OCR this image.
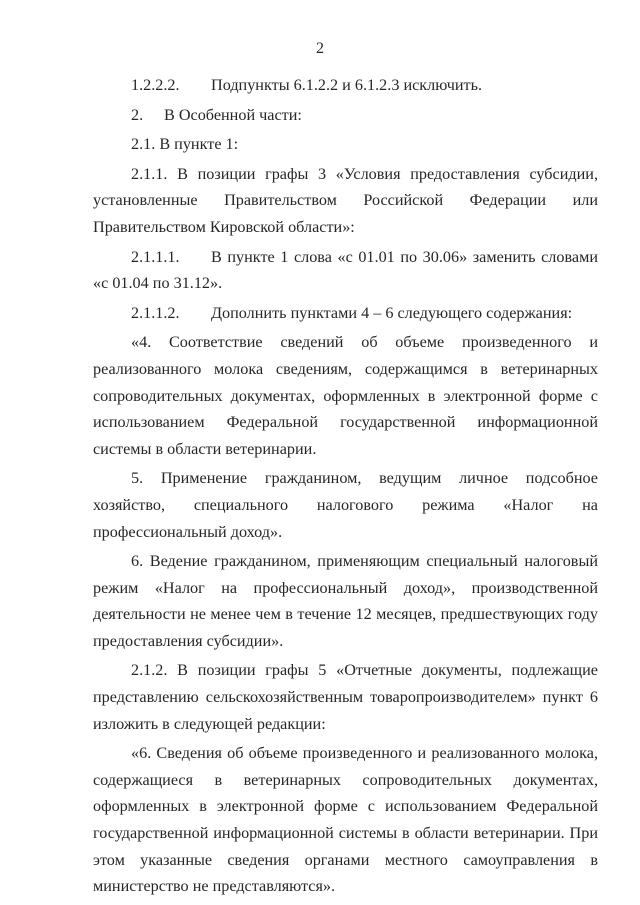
2

1.2.2.2. Подпункты 6.1.2.2 и 6.1.2.3 исключить.

2. В Особенной части:

2.1. В пункте 1:

2.1.1. В позиции графы 3 «Условия предоставления субсидии, установленные Правительством Российской Федерации или Правительством Кировской области»:

2.1.1.1. В пункте 1 слова «с 01.01 по 30.06» заменить словами «с 01.04 по 31.12».

2.1.1.2. Дополнить пунктами 4 – 6 следующего содержания:

«4. Соответствие сведений об объеме произведенного и реализованного молока сведениям, содержащимся в ветеринарных сопроводительных документах, оформленных в электронной форме с использованием Федеральной государственной информационной системы в области ветеринарии.

5. Применение гражданином, ведущим личное подсобное хозяйство, специального налогового режима «Налог на профессиональный доход».

6. Ведение гражданином, применяющим специальный налоговый режим «Налог на профессиональный доход», производственной деятельности не менее чем в течение 12 месяцев, предшествующих году предоставления субсидии».

2.1.2. В позиции графы 5 «Отчетные документы, подлежащие представлению сельскохозяйственным товаропроизводителем» пункт 6 изложить в следующей редакции:

«6. Сведения об объеме произведенного и реализованного молока, содержащиеся в ветеринарных сопроводительных документах, оформленных в электронной форме с использованием Федеральной государственной информационной системы в области ветеринарии. При этом указанные сведения органами местного самоуправления в министерство не представляются».
